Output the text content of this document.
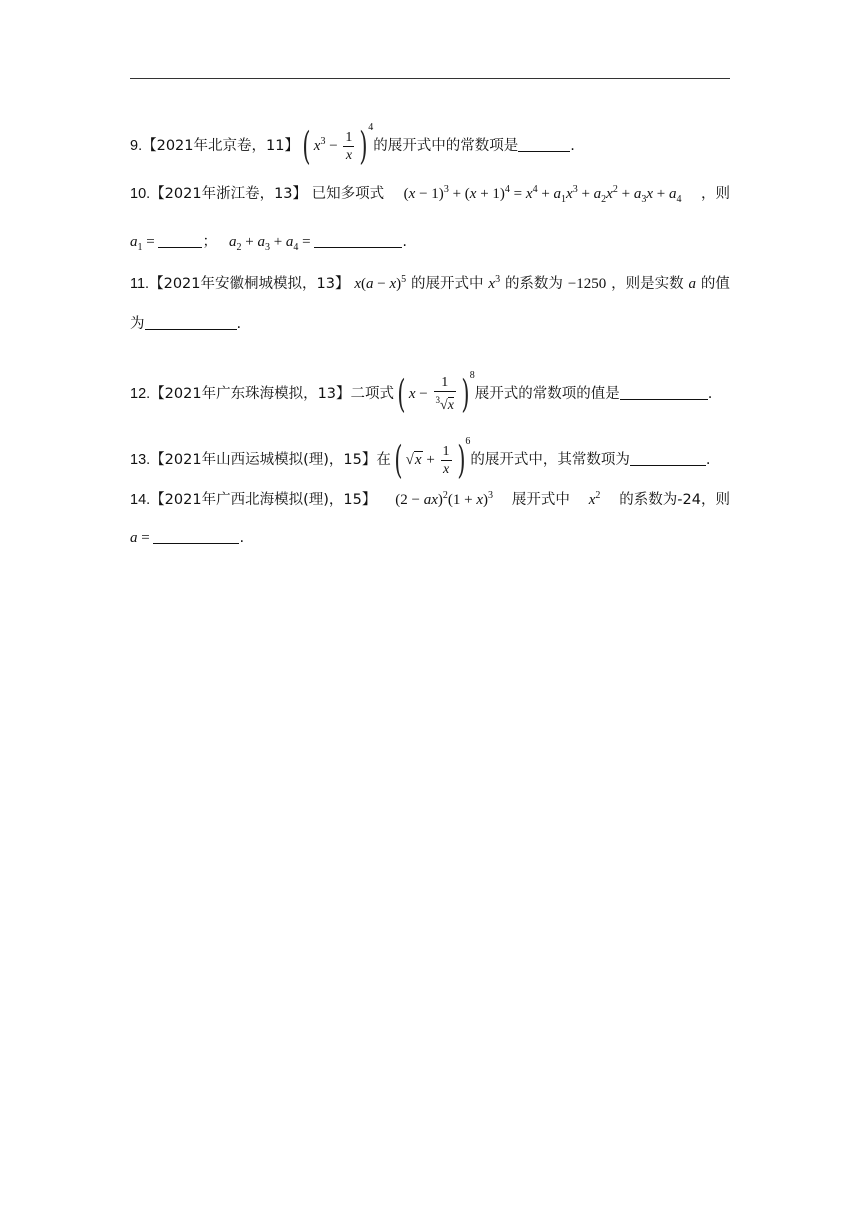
9.【2021年北京卷，11】( $x^3 - \frac{1}{x} )4$的展开式中的常数项是	.
10.【2021年浙江卷，13】 已知多项式 $(x - 1)^3 + (x + 1)^4 = x^4 + a_1x^3 + a_2x^2 + a_3x + a_4$ ，则
$a_1$ =	； $a_2 + a_3 + a_4$ =	.
11.【2021年安徽桐城模拟，13】 $x(a - x)^5$ 的展开式中 $x^3$ 的系数为 −1250 ，则是实数 a 的值
为	.
12.【2021年广东珠海模拟，13】二项式( $x - \frac{1}{^3√x} )8$展开式的常数项的值是	.
13.【2021年山西运城模拟(理)，15】在( $√x + \frac{1}{x} )6$的展开式中，其常数项为	.
14.【2021年广西北海模拟(理)，15】 $(2 - ax)^2(1 + x)^3$ 展开式中 $x^2$ 的系数为-24，则
a =	.
